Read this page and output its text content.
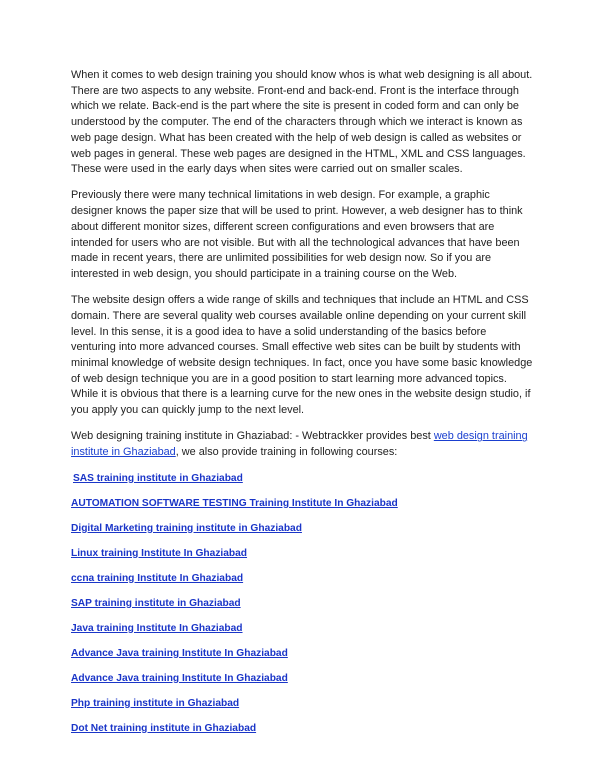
When it comes to web design training you should know whos is what web designing is all about. There are two aspects to any website. Front-end and back-end. Front is the interface through which we relate. Back-end is the part where the site is present in coded form and can only be understood by the computer. The end of the characters through which we interact is known as web page design. What has been created with the help of web design is called as websites or web pages in general. These web pages are designed in the HTML, XML and CSS languages. These were used in the early days when sites were carried out on smaller scales.

Previously there were many technical limitations in web design. For example, a graphic designer knows the paper size that will be used to print. However, a web designer has to think about different monitor sizes, different screen configurations and even browsers that are intended for users who are not visible. But with all the technological advances that have been made in recent years, there are unlimited possibilities for web design now. So if you are interested in web design, you should participate in a training course on the Web.

The website design offers a wide range of skills and techniques that include an HTML and CSS domain. There are several quality web courses available online depending on your current skill level. In this sense, it is a good idea to have a solid understanding of the basics before venturing into more advanced courses. Small effective web sites can be built by students with minimal knowledge of website design techniques. In fact, once you have some basic knowledge of web design technique you are in a good position to start learning more advanced topics. While it is obvious that there is a learning curve for the new ones in the website design studio, if you apply you can quickly jump to the next level.

Web designing training institute in Ghaziabad: - Webtrackker provides best web design training institute in Ghaziabad, we also provide training in following courses:

SAS training institute in Ghaziabad
AUTOMATION SOFTWARE TESTING Training Institute In Ghaziabad
Digital Marketing training institute in Ghaziabad
Linux training Institute In Ghaziabad
ccna training Institute In Ghaziabad
SAP training institute in Ghaziabad
Java training Institute In Ghaziabad
Advance Java training Institute In Ghaziabad
Advance Java training Institute In Ghaziabad
Php training institute in Ghaziabad
Dot Net training institute in Ghaziabad
